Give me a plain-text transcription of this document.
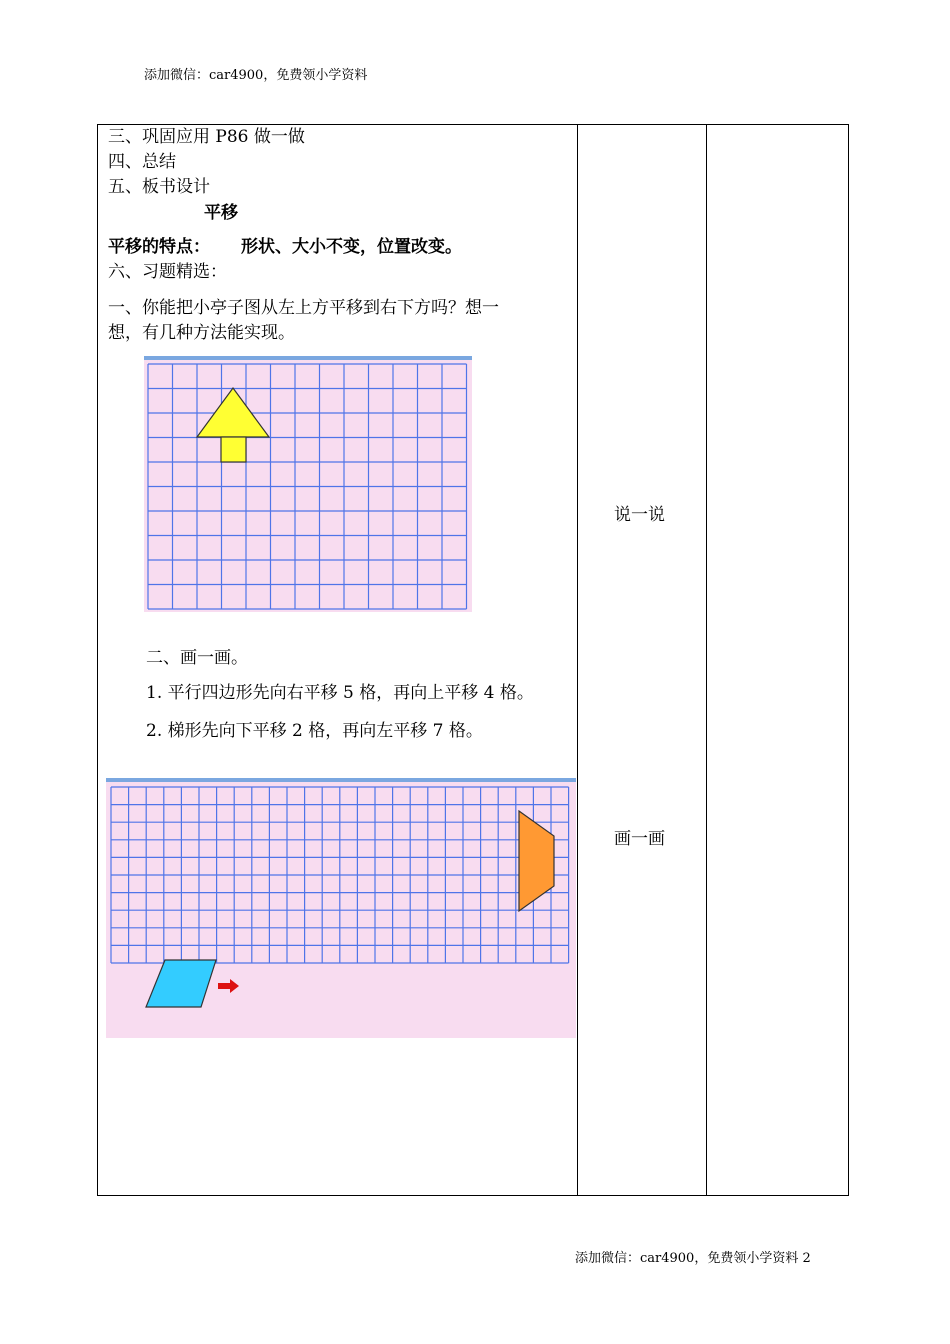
添加微信：car4900，免费领小学资料
三、巩固应用 P86 做一做
四、总结
五、板书设计
平移
平移的特点： 形状、大小不变，位置改变。
六、习题精选：
一、你能把小亭子图从左上方平移到右下方吗？想一
想，有几种方法能实现。
二、画一画。
1. 平行四边形先向右平移 5 格，再向上平移 4 格。
2. 梯形先向下平移 2 格，再向左平移 7 格。
说一说
画一画
添加微信：car4900，免费领小学资料 2
